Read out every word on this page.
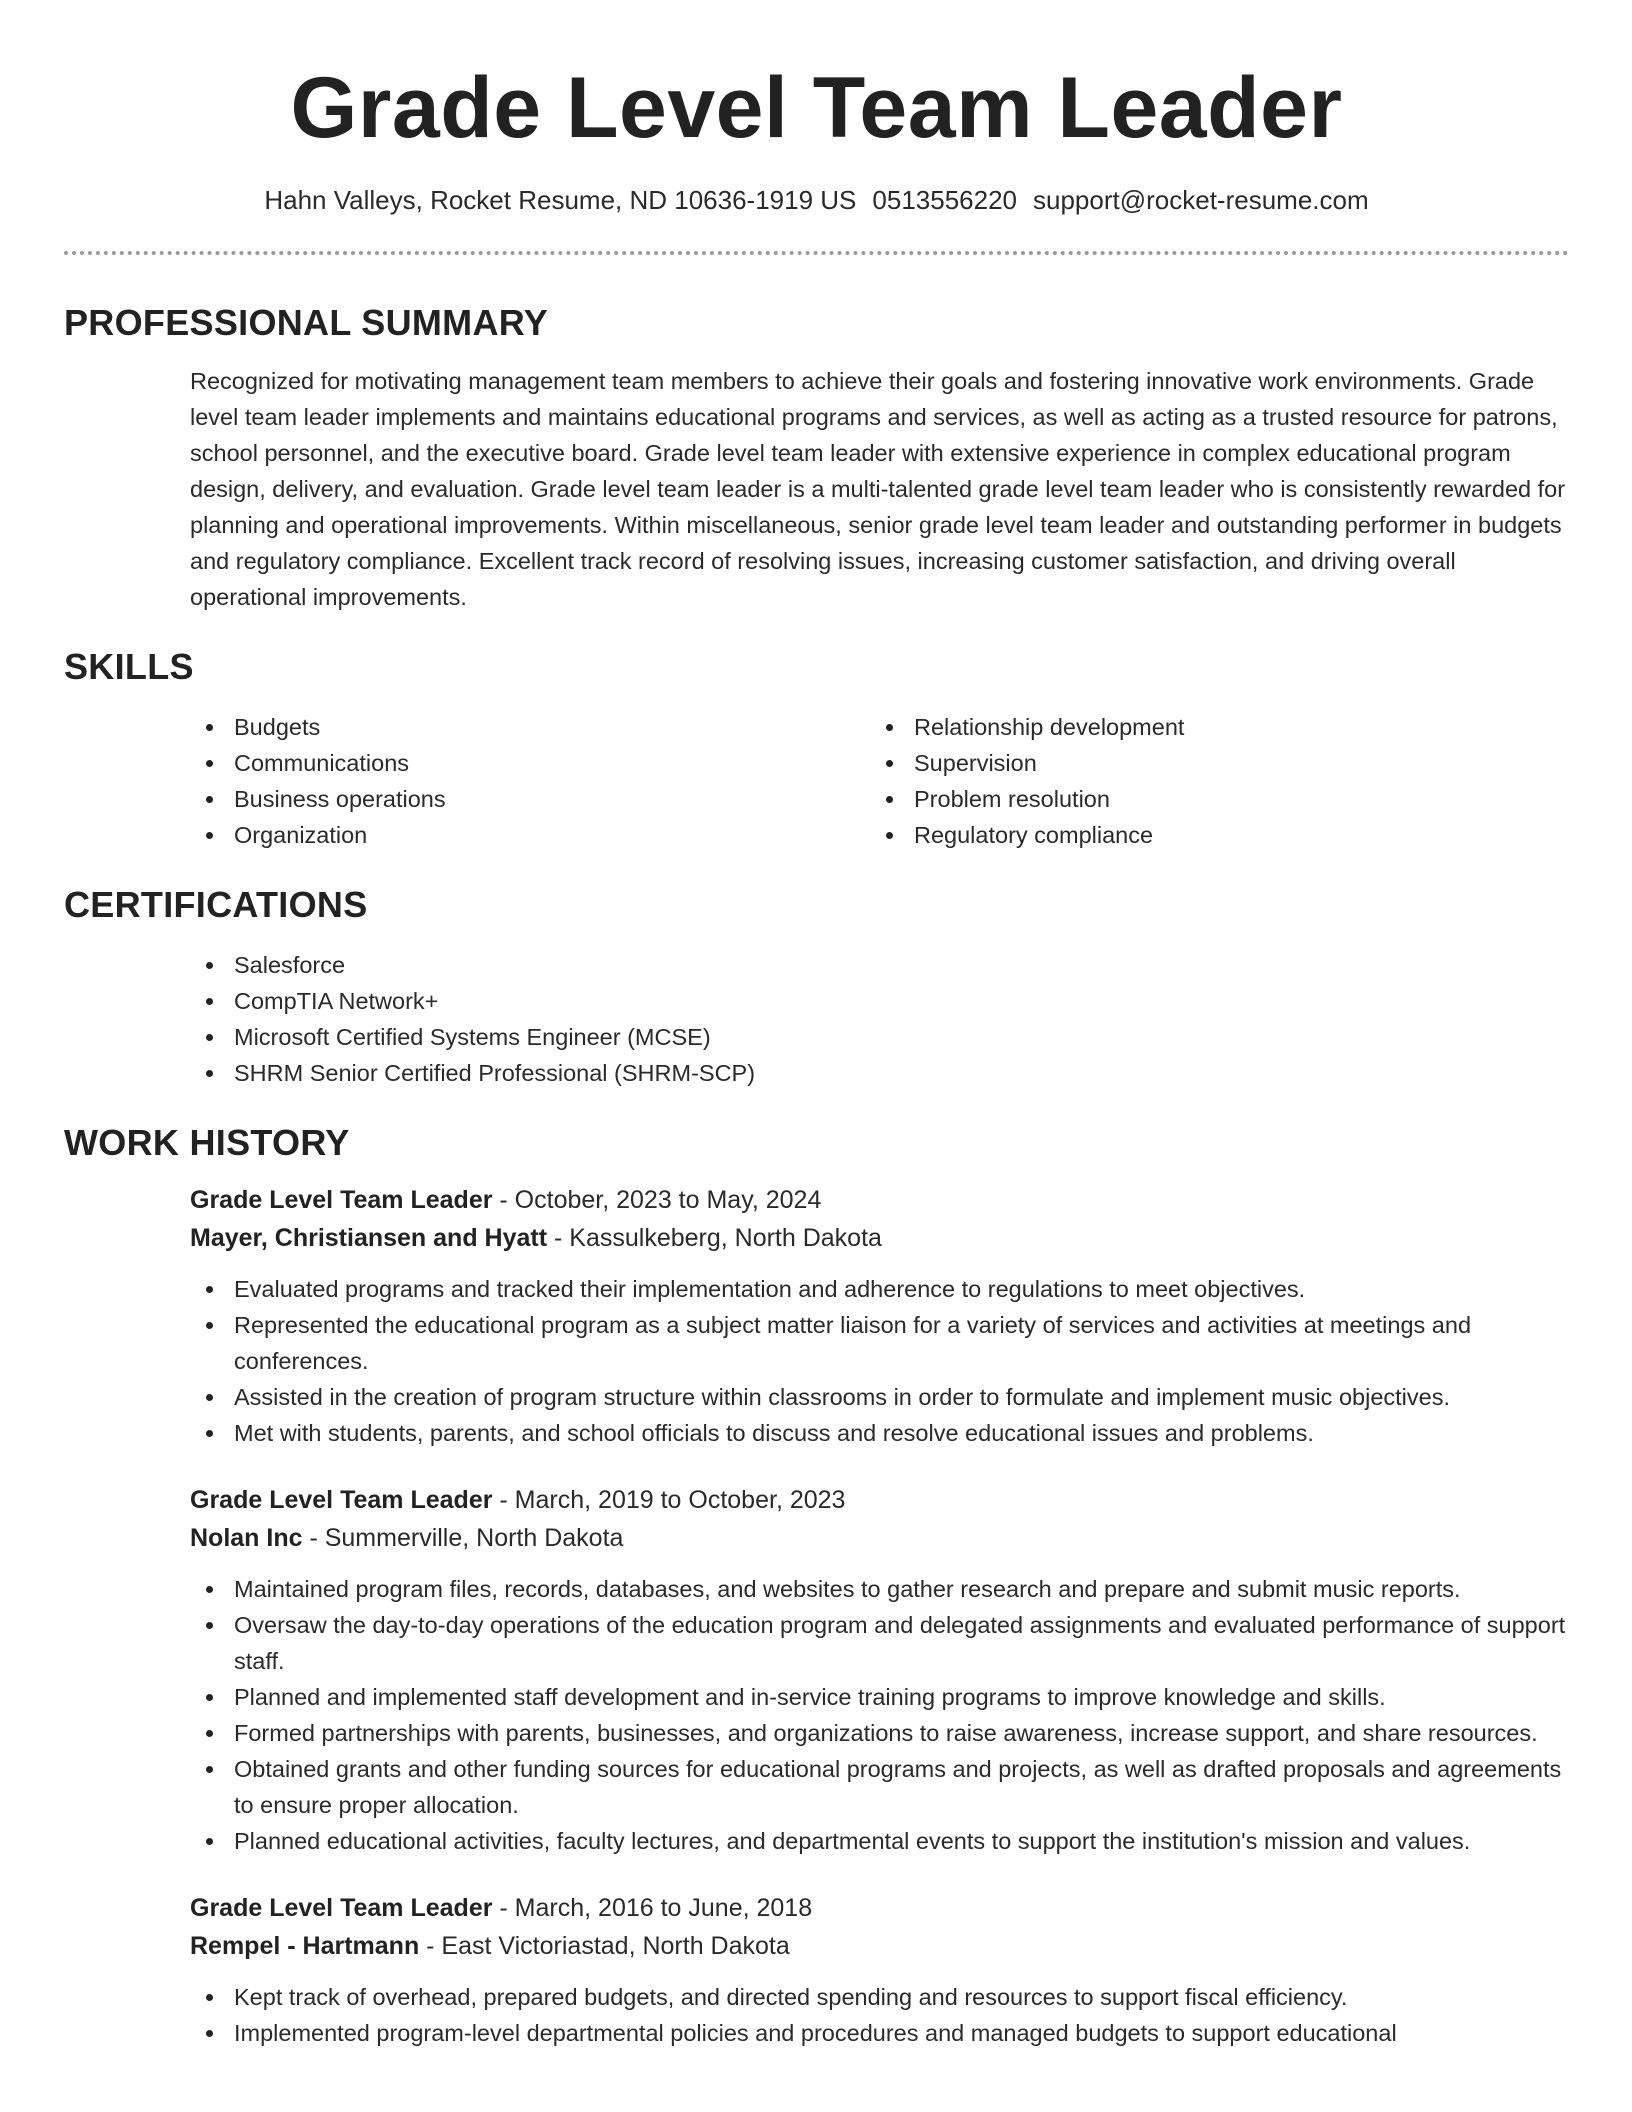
Grade Level Team Leader
Hahn Valleys, Rocket Resume, ND 10636-1919 US 0513556220 support@rocket-resume.com
PROFESSIONAL SUMMARY
Recognized for motivating management team members to achieve their goals and fostering innovative work environments. Grade level team leader implements and maintains educational programs and services, as well as acting as a trusted resource for patrons, school personnel, and the executive board. Grade level team leader with extensive experience in complex educational program design, delivery, and evaluation. Grade level team leader is a multi-talented grade level team leader who is consistently rewarded for planning and operational improvements. Within miscellaneous, senior grade level team leader and outstanding performer in budgets and regulatory compliance. Excellent track record of resolving issues, increasing customer satisfaction, and driving overall operational improvements.
SKILLS
Budgets
Communications
Business operations
Organization
Relationship development
Supervision
Problem resolution
Regulatory compliance
CERTIFICATIONS
Salesforce
CompTIA Network+
Microsoft Certified Systems Engineer (MCSE)
SHRM Senior Certified Professional (SHRM-SCP)
WORK HISTORY
Grade Level Team Leader - October, 2023 to May, 2024
Mayer, Christiansen and Hyatt - Kassulkeberg, North Dakota
Evaluated programs and tracked their implementation and adherence to regulations to meet objectives.
Represented the educational program as a subject matter liaison for a variety of services and activities at meetings and conferences.
Assisted in the creation of program structure within classrooms in order to formulate and implement music objectives.
Met with students, parents, and school officials to discuss and resolve educational issues and problems.
Grade Level Team Leader - March, 2019 to October, 2023
Nolan Inc - Summerville, North Dakota
Maintained program files, records, databases, and websites to gather research and prepare and submit music reports.
Oversaw the day-to-day operations of the education program and delegated assignments and evaluated performance of support staff.
Planned and implemented staff development and in-service training programs to improve knowledge and skills.
Formed partnerships with parents, businesses, and organizations to raise awareness, increase support, and share resources.
Obtained grants and other funding sources for educational programs and projects, as well as drafted proposals and agreements to ensure proper allocation.
Planned educational activities, faculty lectures, and departmental events to support the institution's mission and values.
Grade Level Team Leader - March, 2016 to June, 2018
Rempel - Hartmann - East Victoriastad, North Dakota
Kept track of overhead, prepared budgets, and directed spending and resources to support fiscal efficiency.
Implemented program-level departmental policies and procedures and managed budgets to support educational
